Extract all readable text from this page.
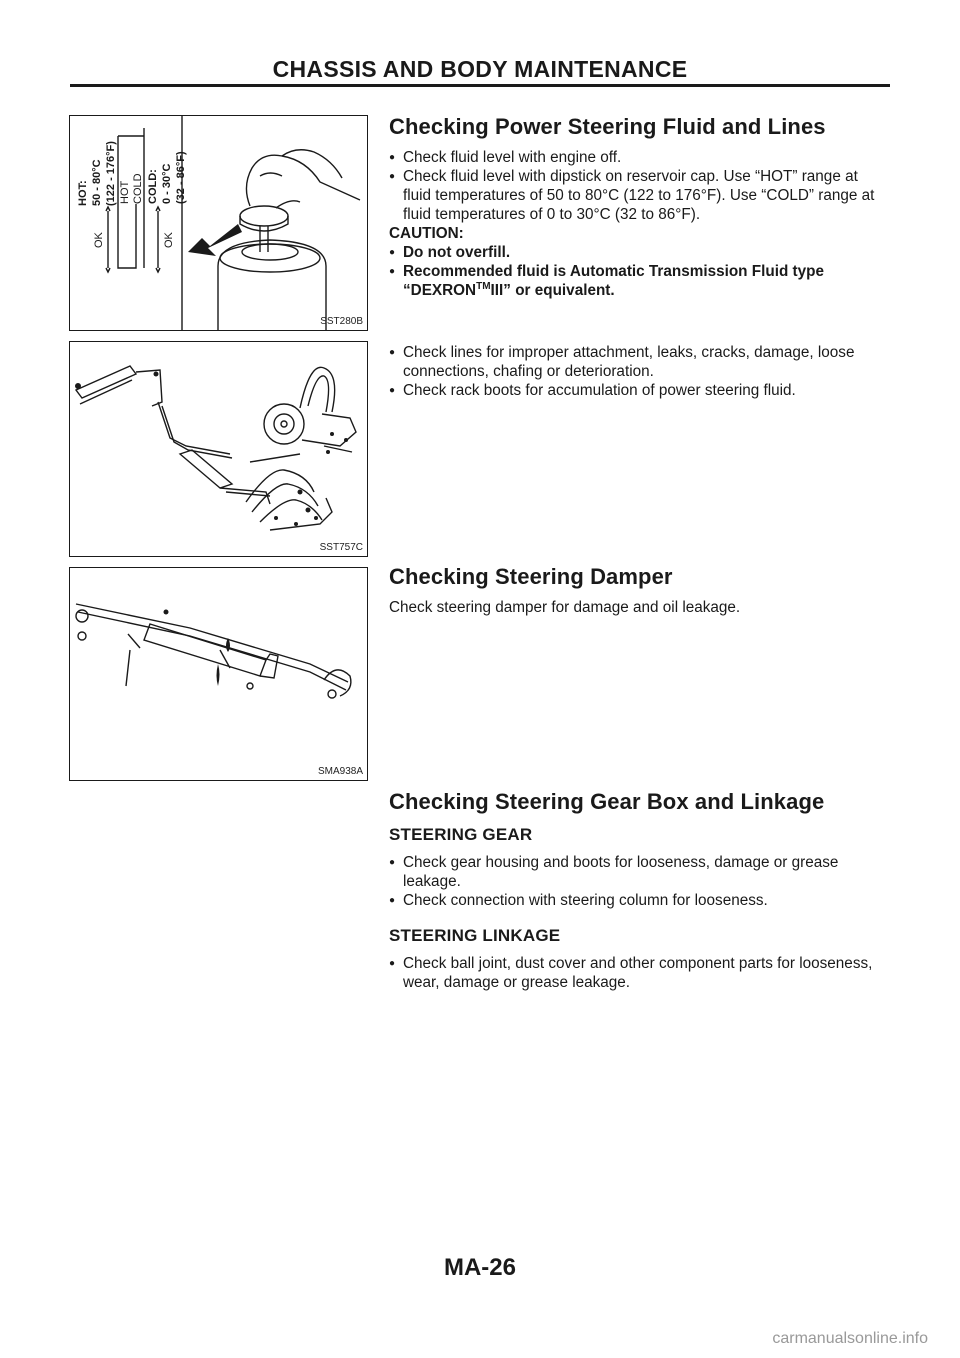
CHASSIS AND BODY MAINTENANCE
HOT: 50 - 80°C (122 - 176°F) HOT COLD COLD: 0 - 30°C (32 - 86°F)
OK	OK
SST280B
SST757C
SMA938A
Checking Power Steering Fluid and Lines
● Check fluid level with engine off.
● Check fluid level with dipstick on reservoir cap. Use “HOT” range at fluid temperatures of 50 to 80°C (122 to 176°F). Use “COLD” range at fluid temperatures of 0 to 30°C (32 to 86°F).
CAUTION:
● Do not overfill.
● Recommended fluid is Automatic Transmission Fluid type “DEXRON™III” or equivalent.
● Check lines for improper attachment, leaks, cracks, damage, loose connections, chafing or deterioration.
● Check rack boots for accumulation of power steering fluid.
Checking Steering Damper
Check steering damper for damage and oil leakage.
Checking Steering Gear Box and Linkage
STEERING GEAR
● Check gear housing and boots for looseness, damage or grease leakage.
● Check connection with steering column for looseness.
STEERING LINKAGE
● Check ball joint, dust cover and other component parts for looseness, wear, damage or grease leakage.
MA-26
carmanualsonline.info
